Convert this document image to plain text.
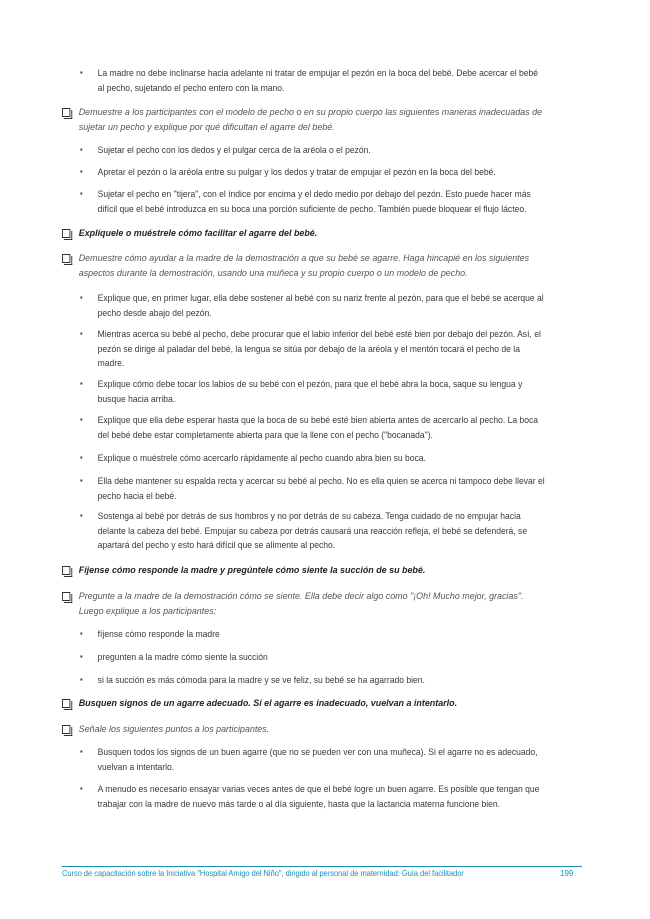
▪	La madre no debe inclinarse hacia adelante ni tratar de empujar el pezón en la boca del bebé. Debe acercar el bebé al pecho, sujetando el pecho entero con la mano.
Demuestre a los participantes con el modelo de pecho o en su propio cuerpo las siguientes maneras inadecuadas de sujetar un pecho y explique por qué dificultan el agarre del bebé.
▪	Sujetar el pecho con los dedos y el pulgar cerca de la aréola o el pezón.
▪	Apretar el pezón o la aréola entre su pulgar y los dedos y tratar de empujar el pezón en la boca del bebé.
▪	Sujetar el pecho en "tijera", con el índice por encima y el dedo medio por debajo del pezón. Esto puede hacer más difícil que el bebé introduzca en su boca una porción suficiente de pecho. También puede bloquear el flujo lácteo.
Explíquele o muéstrele cómo facilitar el agarre del bebé.
Demuestre cómo ayudar a la madre de la demostración a que su bebé se agarre. Haga hincapié en los siguientes aspectos durante la demostración, usando una muñeca y su propio cuerpo o un modelo de pecho.
▪	Explique que, en primer lugar, ella debe sostener al bebé con su nariz frente al pezón, para que el bebé se acerque al pecho desde abajo del pezón.
▪	Mientras acerca su bebé al pecho, debe procurar que el labio inferior del bebé esté bien por debajo del pezón. Así, el pezón se dirige al paladar del bebé, la lengua se sitúa por debajo de la aréola y el mentón tocará el pecho de la madre.
▪	Explique cómo debe tocar los labios de su bebé con el pezón, para que el bebé abra la boca, saque su lengua y busque hacia arriba.
▪	Explique que ella debe esperar hasta que la boca de su bebé esté bien abierta antes de acercarlo al pecho. La boca del bebé debe estar completamente abierta para que la llene con el pecho ("bocanada").
▪	Explique o muéstrele cómo acercarlo rápidamente al pecho cuando abra bien su boca.
▪	Ella debe mantener su espalda recta y acercar su bebé al pecho. No es ella quien se acerca ni tampoco debe llevar el pecho hacia el bebé.
▪	Sostenga al bebé por detrás de sus hombros y no por detrás de su cabeza. Tenga cuidado de no empujar hacia delante la cabeza del bebé. Empujar su cabeza por detrás causará una reacción refleja, el bebé se defenderá, se apartará del pecho y esto hará difícil que se alimente al pecho.
Fíjense cómo responde la madre y pregúntele cómo siente la succión de su bebé.
Pregunte a la madre de la demostración cómo se siente. Ella debe decir algo como "¡Oh! Mucho mejor, gracias". Luego explique a los participantes:
▪	fíjense cómo responde la madre
▪	pregunten a la madre cómo siente la succión
▪	si la succión es más cómoda para la madre y se ve feliz, su bebé se ha agarrado bien.
Busquen signos de un agarre adecuado. Si el agarre es inadecuado, vuelvan a intentarlo.
Señale los siguientes puntos a los participantes.
▪	Busquen todos los signos de un buen agarre (que no se pueden ver con una muñeca). Si el agarre no es adecuado, vuelvan a intentarlo.
▪	A menudo es necesario ensayar varias veces antes de que el bebé logre un buen agarre. Es posible que tengan que trabajar con la madre de nuevo más tarde o al día siguiente, hasta que la lactancia materna funcione bien.
Curso de capacitación sobre la Iniciativa "Hospital Amigo del Niño", dirigido al personal de maternidad: Guía del facilitador	199
